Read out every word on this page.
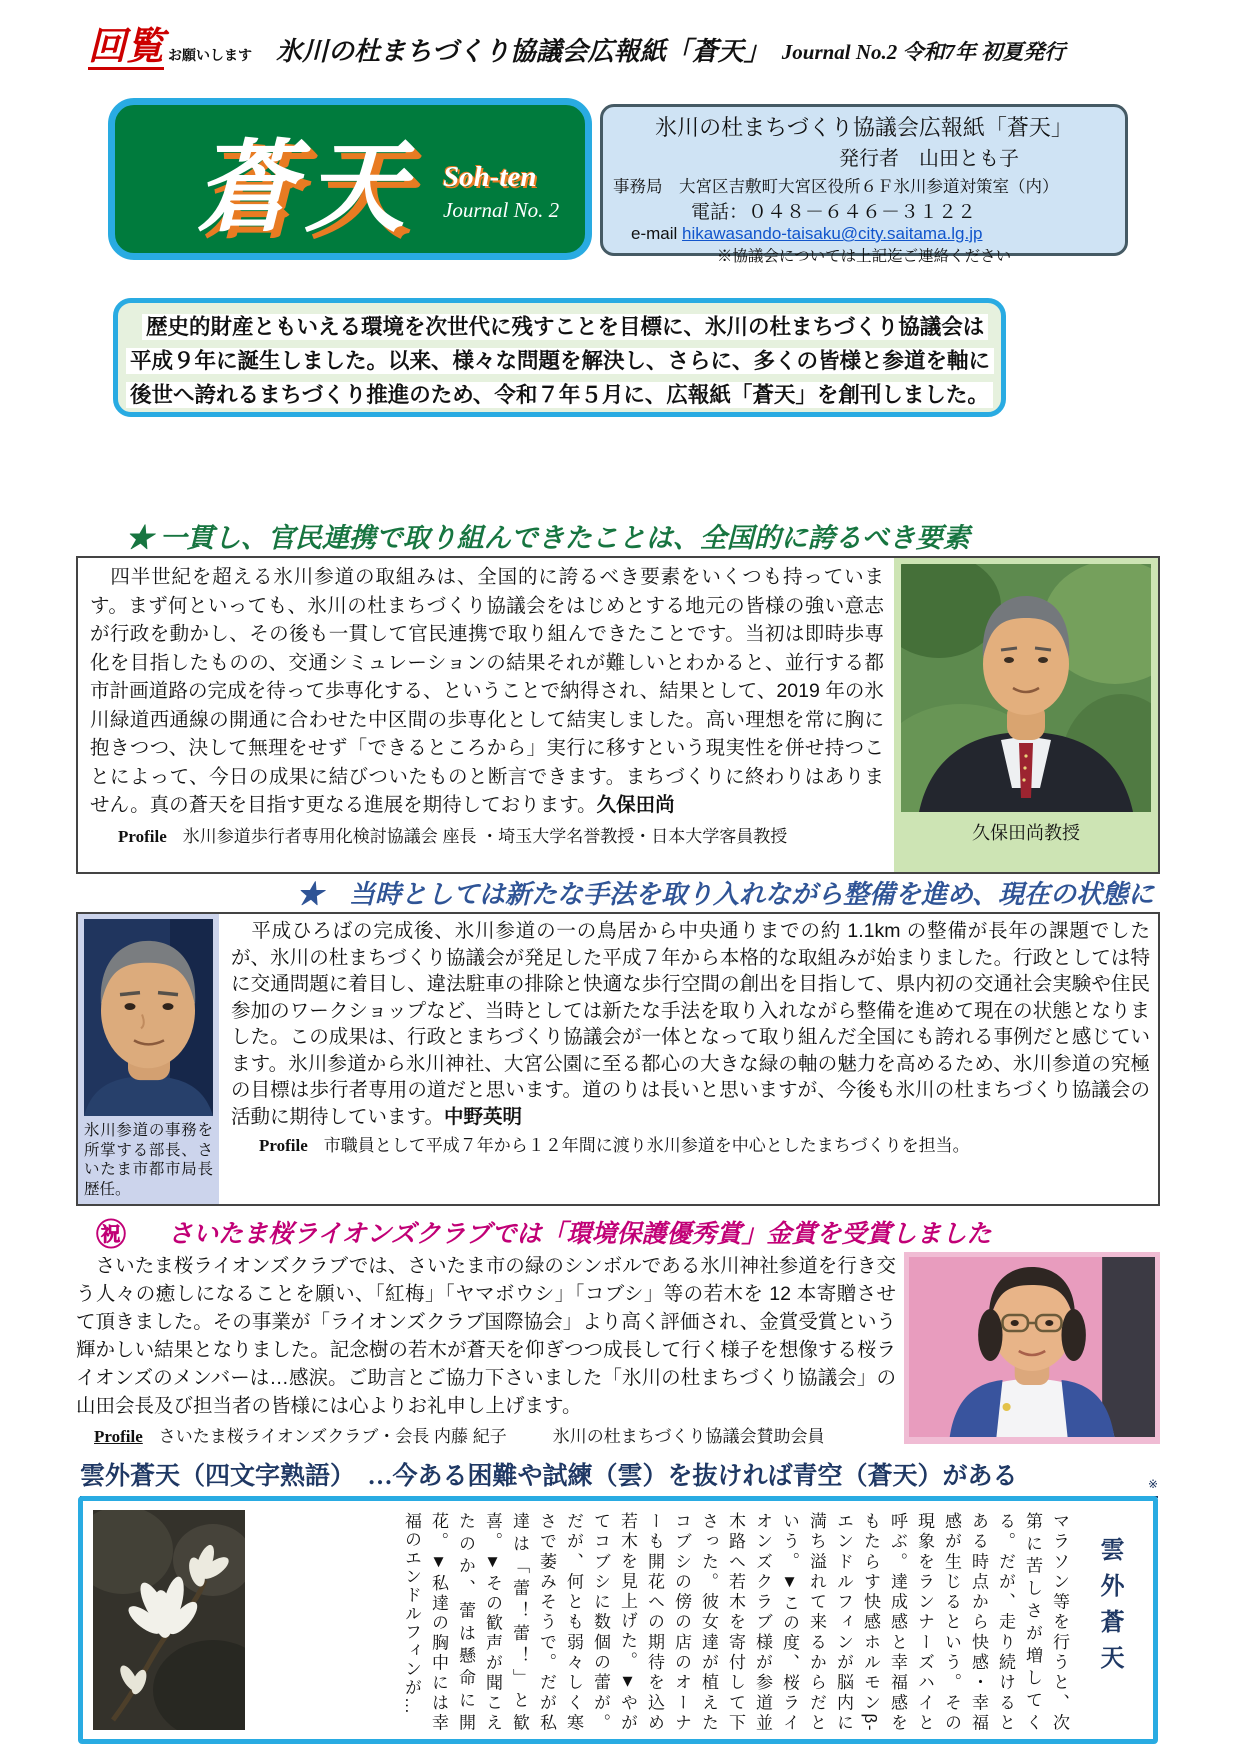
回覧 お願いします 氷川の杜まちづくり協議会広報紙「蒼天」 Journal No.2 令和7年 初夏発行
蒼天 Soh-ten
Journal No. 2
氷川の杜まちづくり協議会広報紙「蒼天」
発行者　山田とも子
事務局　大宮区吉敷町大宮区役所６Ｆ氷川参道対策室（内）
電話：０４８－６４６－３１２２
e-mail hikawasando-taisaku@city.saitama.lg.jp
※協議会については上記迄ご連絡ください
歴史的財産ともいえる環境を次世代に残すことを目標に、氷川の杜まちづくり協議会は
平成９年に誕生しました。以来、様々な問題を解決し、さらに、多くの皆様と参道を軸に
後世へ誇れるまちづくり推進のため、令和７年５月に、広報紙「蒼天」を創刊しました。
★ 一貫し、官民連携で取り組んできたことは、全国的に誇るべき要素
　四半世紀を超える氷川参道の取組みは、全国的に誇るべき要素をいくつも持っています。まず何といっても、氷川の杜まちづくり協議会をはじめとする地元の皆様の強い意志が行政を動かし、その後も一貫して官民連携で取り組んできたことです。当初は即時歩専化を目指したものの、交通シミュレーションの結果それが難しいとわかると、並行する都市計画道路の完成を待って歩専化する、ということで納得され、結果として、2019 年の氷川緑道西通線の開通に合わせた中区間の歩専化として結実しました。高い理想を常に胸に抱きつつ、決して無理をせず「できるところから」実行に移すという現実性を併せ持つことによって、今日の成果に結びついたものと断言できます。まちづくりに終わりはありません。真の蒼天を目指す更なる進展を期待しております。久保田尚
Profile 氷川参道歩行者専用化検討協議会 座長 ・埼玉大学名誉教授・日本大学客員教授	久保田尚教授
★　当時としては新たな手法を取り入れながら整備を進め、現在の状態に
氷川参道の事務を所掌する部長、さいたま市都市局長歴任。
　平成ひろばの完成後、氷川参道の一の鳥居から中央通りまでの約 1.1km の整備が長年の課題でしたが、氷川の杜まちづくり協議会が発足した平成７年から本格的な取組みが始まりました。行政としては特に交通問題に着目し、違法駐車の排除と快適な歩行空間の創出を目指して、県内初の交通社会実験や住民参加のワークショップなど、当時としては新たな手法を取り入れながら整備を進めて現在の状態となりました。この成果は、行政とまちづくり協議会が一体となって取り組んだ全国にも誇れる事例だと感じています。氷川参道から氷川神社、大宮公園に至る都心の大きな緑の軸の魅力を高めるため、氷川参道の究極の目標は歩行者専用の道だと思います。道のりは長いと思いますが、今後も氷川の杜まちづくり協議会の活動に期待しています。中野英明
Profile 市職員として平成７年から１２年間に渡り氷川参道を中心としたまちづくりを担当。
㊗ さいたま桜ライオンズクラブでは「環境保護優秀賞」金賞を受賞しました
　さいたま桜ライオンズクラブでは、さいたま市の緑のシンボルである氷川神社参道を行き交う人々の癒しになることを願い、「紅梅」「ヤマボウシ」「コブシ」等の若木を 12 本寄贈させて頂きました。その事業が「ライオンズクラブ国際協会」より高く評価され、金賞受賞という輝かしい結果となりました。記念樹の若木が蒼天を仰ぎつつ成長して行く様子を想像する桜ライオンズのメンバーは…感涙。ご助言とご協力下さいました「氷川の杜まちづくり協議会」の山田会長及び担当者の皆様には心よりお礼申し上げます。
Profile さいたま桜ライオンズクラブ・会長 内藤 紀子	氷川の杜まちづくり協議会賛助会員
雲外蒼天（四文字熟語）　…今ある困難や試練（雲）を抜ければ青空（蒼天）がある	※
マラソン等を行うと、次第に苦しさが増してくる。だが、走り続けるとある時点から快感・幸福感が生じるという。その現象をランナーズハイと呼ぶ。達成感と幸福感をもたらす快感ホルモンβ-エンドルフィンが脳内に満ち溢れて来るからだという。▼この度、桜ライオンズクラブ様が参道並木路へ若木を寄付して下さった。彼女達が植えたコブシの傍の店のオーナーも開花への期待を込め若木を見上げた。▼やがてコブシに数個の蕾が。だが、何とも弱々しく寒さで萎みそうで。だが私達は「蕾！蕾！」と歓喜。▼その歓声が聞こえたのか、蕾は懸命に開花。▼私達の胸中には幸福のエンドルフィンが…	雲外蒼天
